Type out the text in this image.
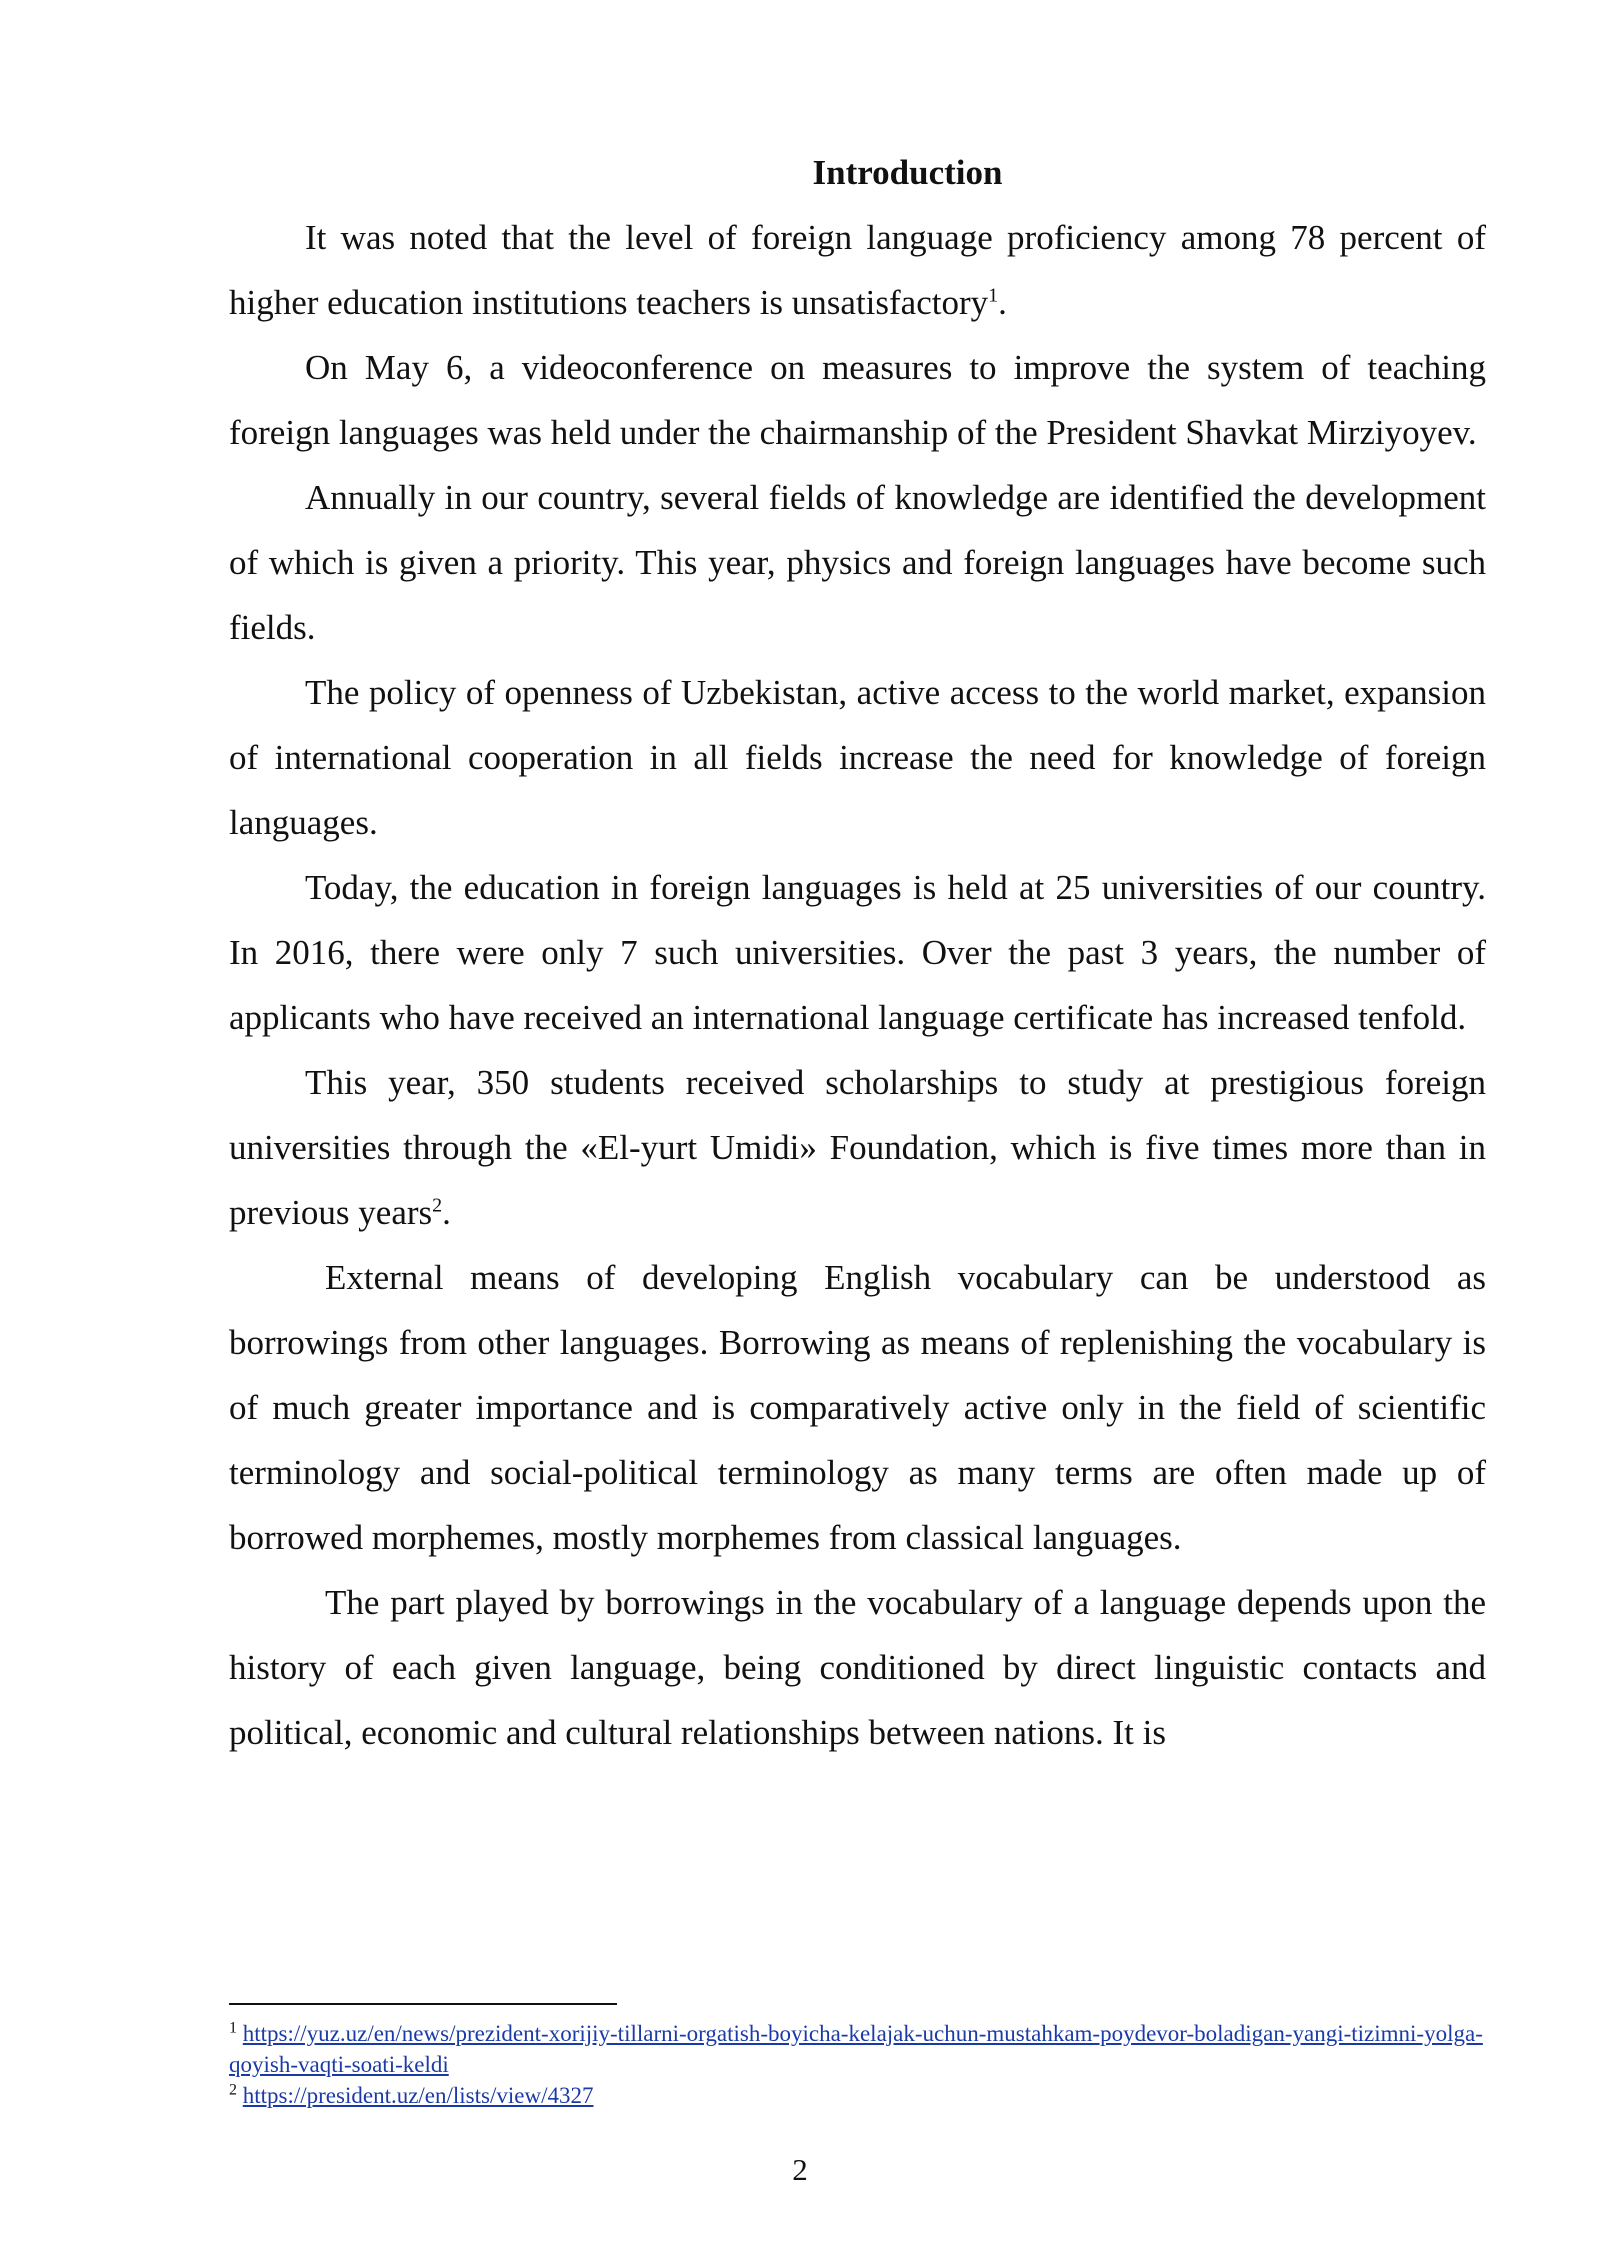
Introduction

It was noted that the level of foreign language proficiency among 78 percent of higher education institutions teachers is unsatisfactory$^1$.

On May 6, a videoconference on measures to improve the system of teaching foreign languages was held under the chairmanship of the President Shavkat Mirziyoyev.

Annually in our country, several fields of knowledge are identified the development of which is given a priority. This year, physics and foreign languages have become such fields.

The policy of openness of Uzbekistan, active access to the world market, expansion of international cooperation in all fields increase the need for knowledge of foreign languages.

Today, the education in foreign languages is held at 25 universities of our country. In 2016, there were only 7 such universities. Over the past 3 years, the number of applicants who have received an international language certificate has increased tenfold.

This year, 350 students received scholarships to study at prestigious foreign universities through the «El-yurt Umidi» Foundation, which is five times more than in previous years$^2$.

External means of developing English vocabulary can be understood as borrowings from other languages. Borrowing as means of replenishing the vocabulary is of much greater importance and is comparatively active only in the field of scientific terminology and social-political terminology as many terms are often made up of borrowed morphemes, mostly morphemes from classical languages.

The part played by borrowings in the vocabulary of a language depends upon the history of each given language, being conditioned by direct linguistic contacts and political, economic and cultural relationships between nations. It is

$^1$ https://yuz.uz/en/news/prezident-xorijiy-tillarni-orgatish-boyicha-kelajak-uchun-mustahkam-poydevor-boladigan-yangi-tizimni-yolga-qoyish-vaqti-soati-keldi

$^2$ https://president.uz/en/lists/view/4327

2
